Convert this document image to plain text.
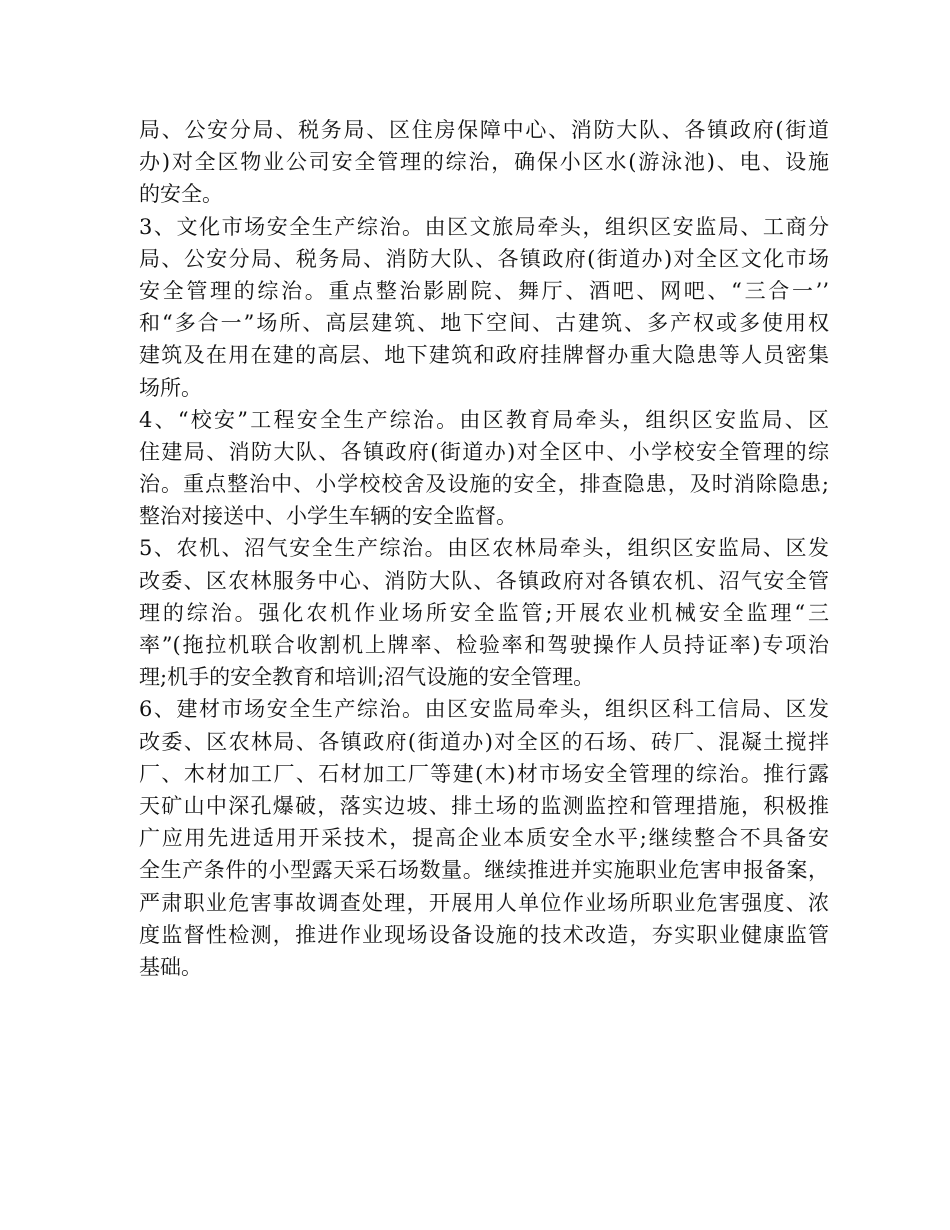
局、公安分局、税务局、区住房保障中心、消防大队、各镇政府(街道
办)对全区物业公司安全管理的综治，确保小区水(游泳池)、电、设施
的安全。
3、文化市场安全生产综治。由区文旅局牵头，组织区安监局、工商分
局、公安分局、税务局、消防大队、各镇政府(街道办)对全区文化市场
安全管理的综治。重点整治影剧院、舞厅、酒吧、网吧、“三合一’’
和“多合一”场所、高层建筑、地下空间、古建筑、多产权或多使用权
建筑及在用在建的高层、地下建筑和政府挂牌督办重大隐患等人员密集
场所。
4、“校安”工程安全生产综治。由区教育局牵头，组织区安监局、区
住建局、消防大队、各镇政府(街道办)对全区中、小学校安全管理的综
治。重点整治中、小学校校舍及设施的安全，排查隐患，及时消除隐患;
整治对接送中、小学生车辆的安全监督。
5、农机、沼气安全生产综治。由区农林局牵头，组织区安监局、区发
改委、区农林服务中心、消防大队、各镇政府对各镇农机、沼气安全管
理的综治。强化农机作业场所安全监管;开展农业机械安全监理“三
率”(拖拉机联合收割机上牌率、检验率和驾驶操作人员持证率)专项治
理;机手的安全教育和培训;沼气设施的安全管理。
6、建材市场安全生产综治。由区安监局牵头，组织区科工信局、区发
改委、区农林局、各镇政府(街道办)对全区的石场、砖厂、混凝土搅拌
厂、木材加工厂、石材加工厂等建(木)材市场安全管理的综治。推行露
天矿山中深孔爆破，落实边坡、排土场的监测监控和管理措施，积极推
广应用先进适用开采技术，提高企业本质安全水平;继续整合不具备安
全生产条件的小型露天采石场数量。继续推进并实施职业危害申报备案，
严肃职业危害事故调查处理，开展用人单位作业场所职业危害强度、浓
度监督性检测，推进作业现场设备设施的技术改造，夯实职业健康监管
基础。
